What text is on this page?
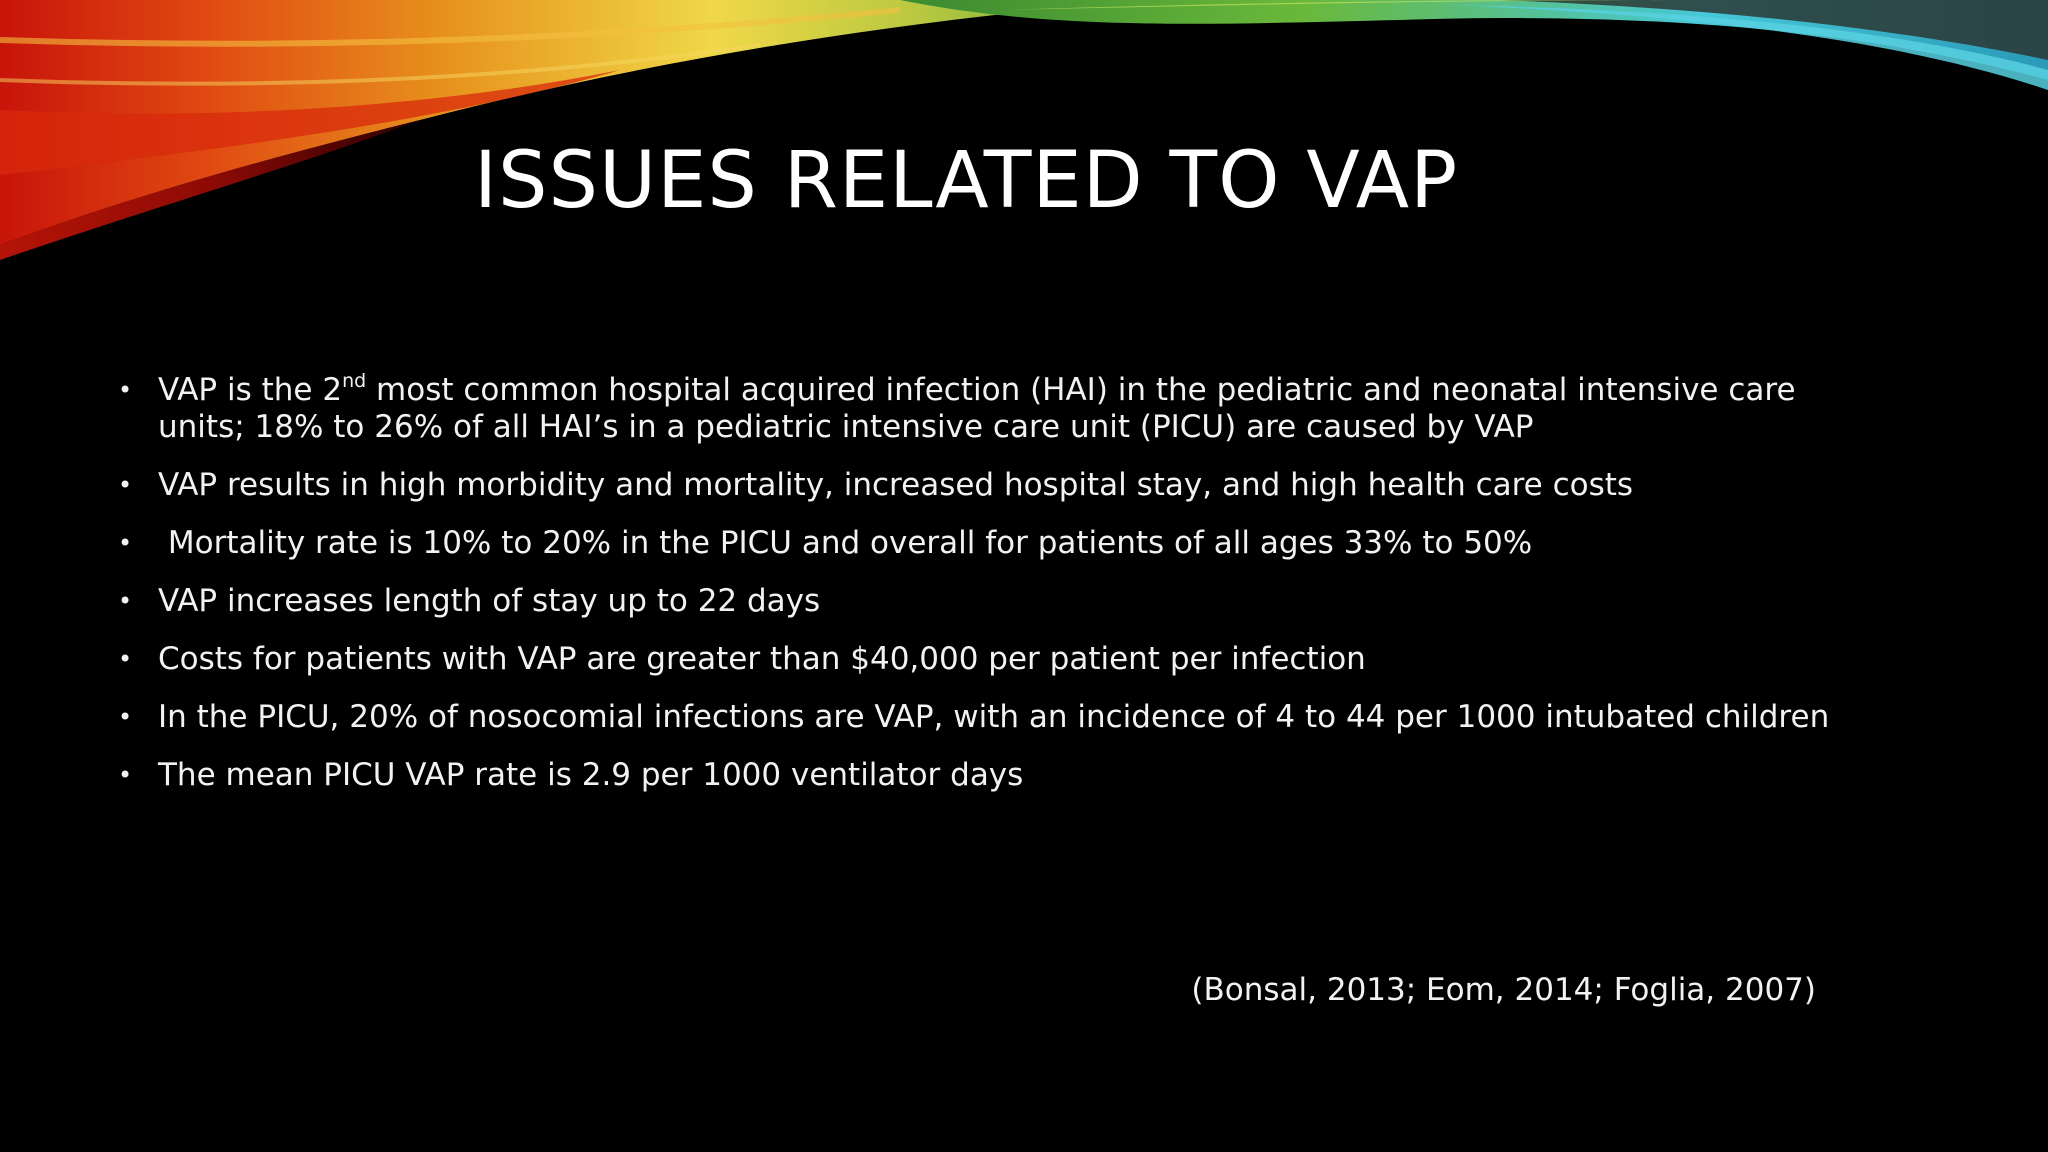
ISSUES RELATED TO VAP
• VAP is the 2nd most common hospital acquired infection (HAI) in the pediatric and neonatal intensive care units; 18% to 26% of all HAI’s in a pediatric intensive care unit (PICU) are caused by VAP
• VAP results in high morbidity and mortality, increased hospital stay, and high health care costs
• Mortality rate is 10% to 20% in the PICU and overall for patients of all ages 33% to 50%
• VAP increases length of stay up to 22 days
• Costs for patients with VAP are greater than $40,000 per patient per infection
• In the PICU, 20% of nosocomial infections are VAP, with an incidence of 4 to 44 per 1000 intubated children
• The mean PICU VAP rate is 2.9 per 1000 ventilator days
(Bonsal, 2013; Eom, 2014; Foglia, 2007)
